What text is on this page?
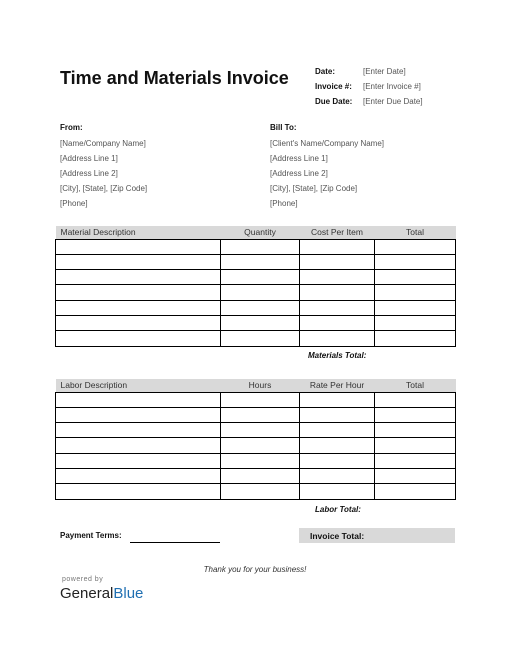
Time and Materials Invoice	Date:	[Enter Date]
Invoice #:	[Enter Invoice #]
Due Date:	[Enter Due Date]
From:
[Name/Company Name]
[Address Line 1]
[Address Line 2]
[City], [State], [Zip Code]
[Phone]
Bill To:
[Client's Name/Company Name]
[Address Line 1]
[Address Line 2]
[City], [State], [Zip Code]
[Phone]
Material Description	Quantity	Cost Per Item	Total

Materials Total:
Labor Description	Hours	Rate Per Hour	Total

Labor Total:
Payment Terms:	Invoice Total:
Thank you for your business!
powered by
GeneralBlue
